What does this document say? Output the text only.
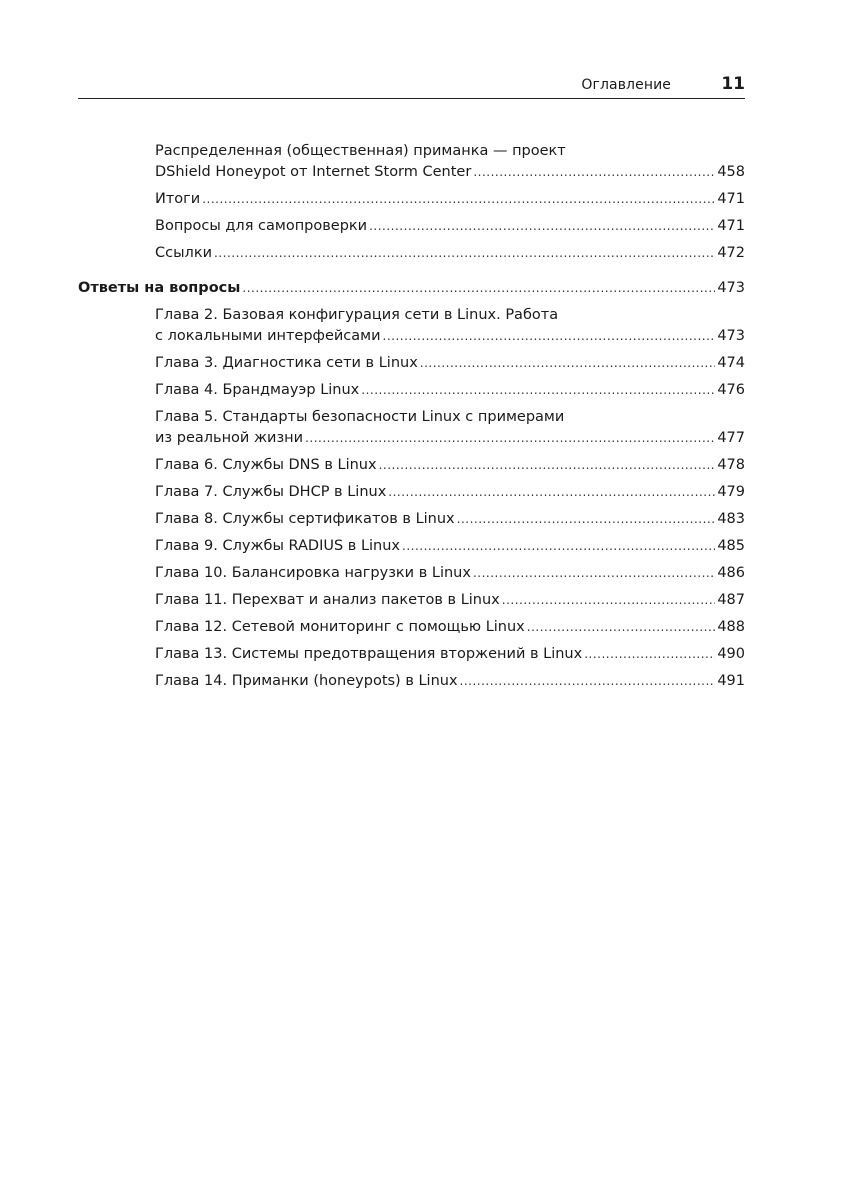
Оглавление	11
Распределенная (общественная) приманка — проект
DShield Honeypot от Internet Storm Center .....	458
Итоги .....	471
Вопросы для самопроверки .....	471
Ссылки .....	472
Ответы на вопросы .....	473
Глава 2. Базовая конфигурация сети в Linux. Работа
с локальными интерфейсами .....	473
Глава 3. Диагностика сети в Linux .....	474
Глава 4. Брандмауэр Linux .....	476
Глава 5. Стандарты безопасности Linux с примерами
из реальной жизни .....	477
Глава 6. Службы DNS в Linux .....	478
Глава 7. Службы DHCP в Linux .....	479
Глава 8. Службы сертификатов в Linux .....	483
Глава 9. Службы RADIUS в Linux .....	485
Глава 10. Балансировка нагрузки в Linux .....	486
Глава 11. Перехват и анализ пакетов в Linux .....	487
Глава 12. Сетевой мониторинг с помощью Linux .....	488
Глава 13. Системы предотвращения вторжений в Linux .....	490
Глава 14. Приманки (honeypots) в Linux .....	491
